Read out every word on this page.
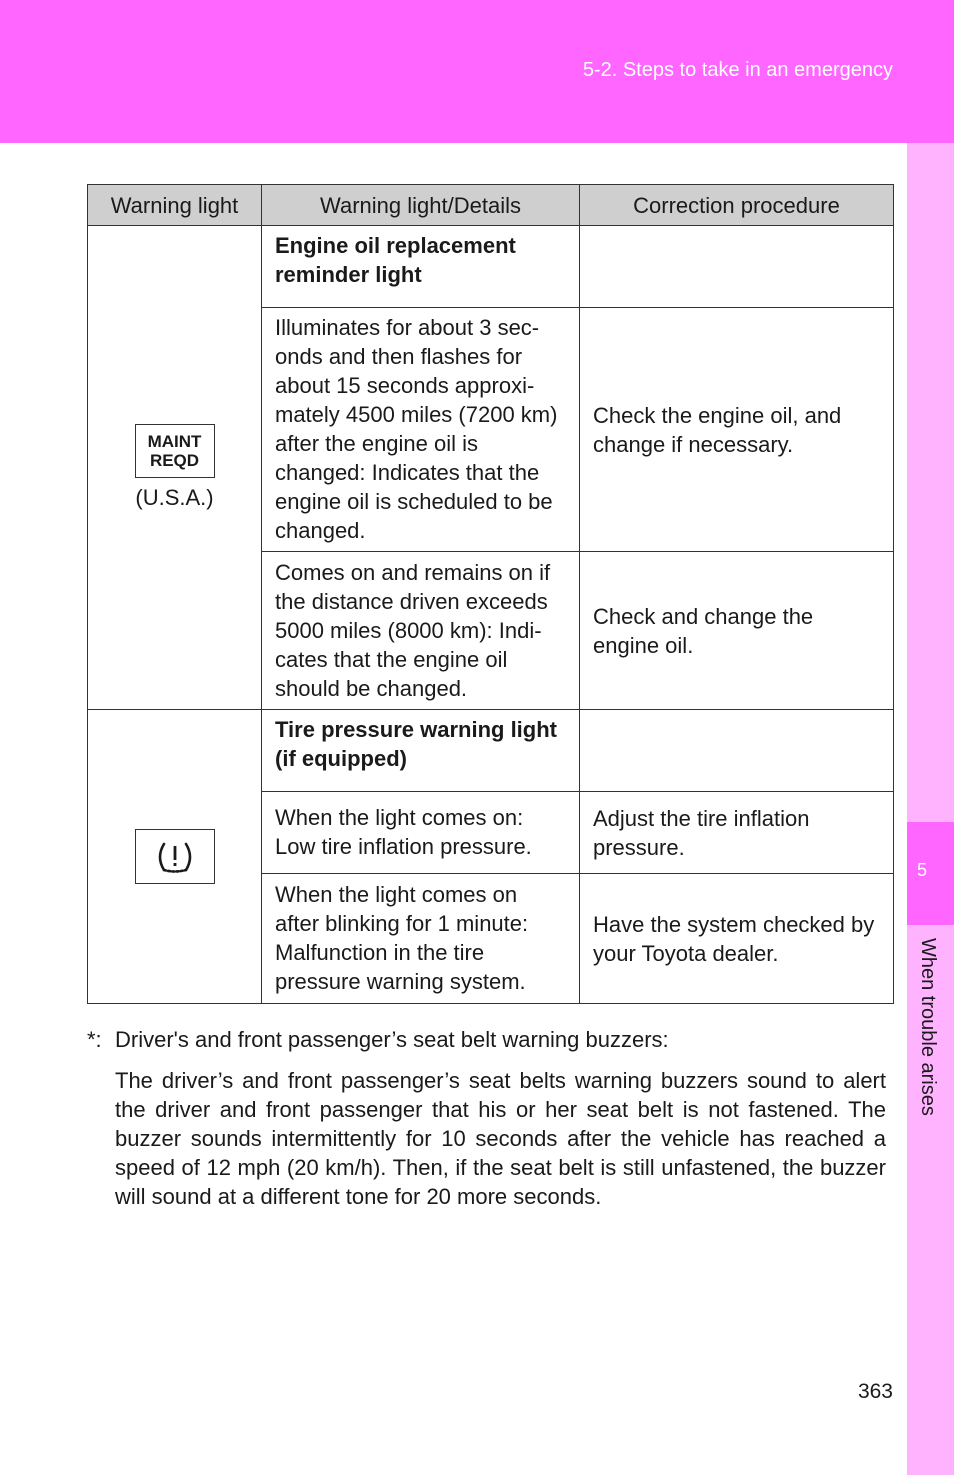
5-2. Steps to take in an emergency
5
When trouble arises
Warning light	Warning light/Details	Correction procedure
MAINT
REQD
(U.S.A.)	Engine oil replacement reminder light	
	Illuminates for about 3 sec-onds and then flashes for about 15 seconds approxi-mately 4500 miles (7200 km) after the engine oil is changed: Indicates that the engine oil is scheduled to be changed.	Check the engine oil, and change if necessary.
	Comes on and remains on if the distance driven exceeds 5000 miles (8000 km): Indi-cates that the engine oil should be changed.	Check and change the engine oil.

	Tire pressure warning light (if equipped)	
	When the light comes on: Low tire inflation pressure.	Adjust the tire inflation pressure.
	When the light comes on after blinking for 1 minute: Malfunction in the tire pressure warning system.	Have the system checked by your Toyota dealer.
*: Driver's and front passenger’s seat belt warning buzzers:
The driver’s and front passenger’s seat belts warning buzzers sound to alert the driver and front passenger that his or her seat belt is not fastened. The buzzer sounds intermittently for 10 seconds after the vehicle has reached a speed of 12 mph (20 km/h). Then, if the seat belt is still unfastened, the buzzer will sound at a different tone for 20 more seconds.
363
